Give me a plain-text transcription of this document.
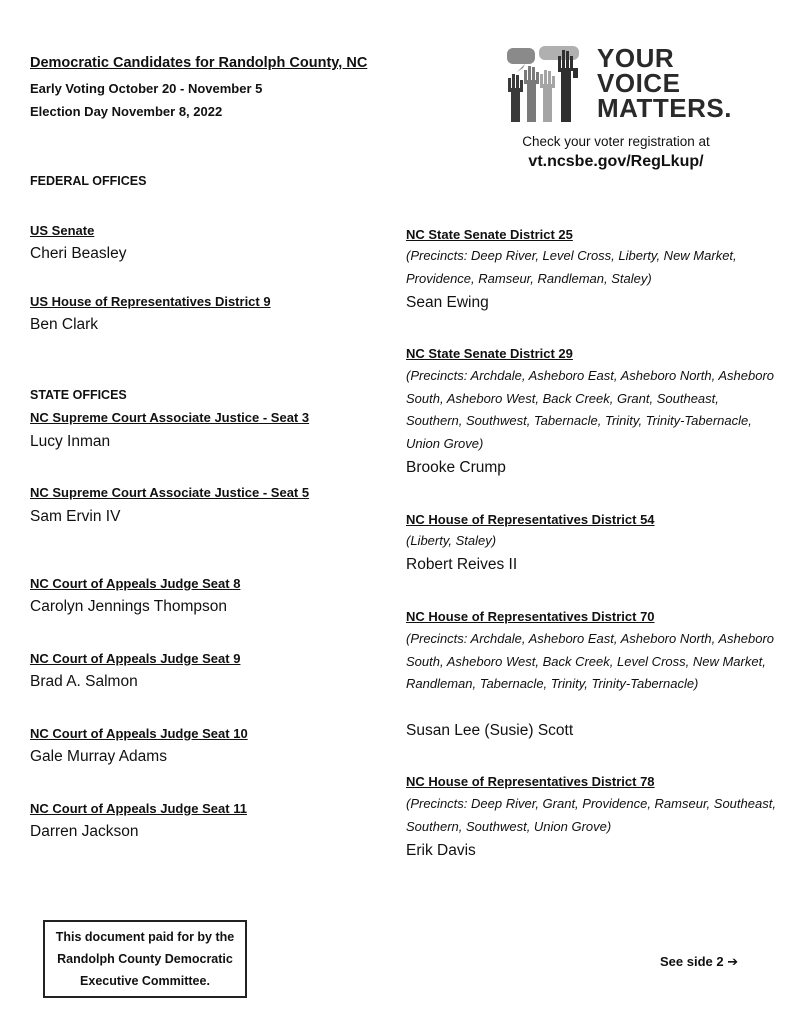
Democratic Candidates for Randolph County, NC
Early Voting October 20 - November 5
Election Day November 8, 2022
YOUR
VOICE
MATTERS.
Check your voter registration at
vt.ncsbe.gov/RegLkup/
FEDERAL OFFICES
US Senate
Cheri Beasley
US House of Representatives District 9
Ben Clark
STATE OFFICES
NC Supreme Court Associate Justice - Seat 3
Lucy Inman
NC Supreme Court Associate Justice - Seat 5
Sam Ervin IV
NC Court of Appeals Judge Seat 8
Carolyn Jennings Thompson
NC Court of Appeals Judge Seat 9
Brad A. Salmon
NC Court of Appeals Judge Seat 10
Gale Murray Adams
NC Court of Appeals Judge Seat 11
Darren Jackson
NC State Senate District 25
(Precincts: Deep River, Level Cross, Liberty, New Market, Providence, Ramseur, Randleman, Staley)
Sean Ewing
NC State Senate District 29
(Precincts: Archdale, Asheboro East, Asheboro North, Asheboro South, Asheboro West, Back Creek, Grant, Southeast, Southern, Southwest, Tabernacle, Trinity, Trinity-Tabernacle, Union Grove)
Brooke Crump
NC House of Representatives District 54
(Liberty, Staley)
Robert Reives II
NC House of Representatives District 70
(Precincts: Archdale, Asheboro East, Asheboro North, Asheboro South, Asheboro West, Back Creek, Level Cross, New Market, Randleman, Tabernacle, Trinity, Trinity-Tabernacle)
Susan Lee (Susie) Scott
NC House of Representatives District 78
(Precincts: Deep River, Grant, Providence, Ramseur, Southeast, Southern, Southwest, Union Grove)
Erik Davis
This document paid for by the Randolph County Democratic Executive Committee.
See side 2 ➔
